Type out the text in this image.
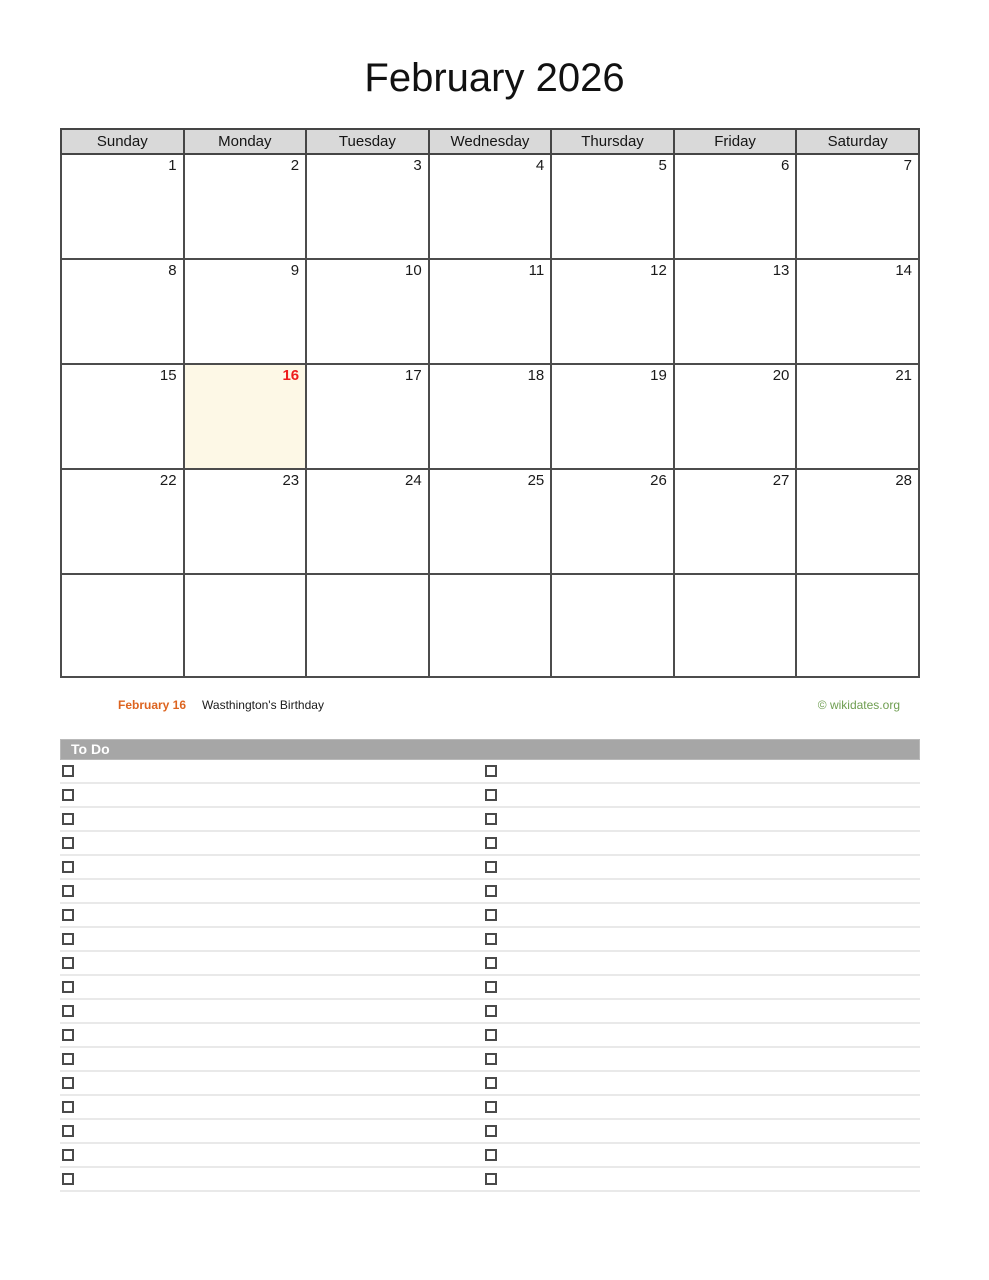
February 2026
Sunday	Monday	Tuesday	Wednesday	Thursday	Friday	Saturday
1	2	3	4	5	6	7
8	9	10	11	12	13	14
15	16	17	18	19	20	21
22	23	24	25	26	27	28

February 16 Wasthington's Birthday	© wikidates.org
To Do
